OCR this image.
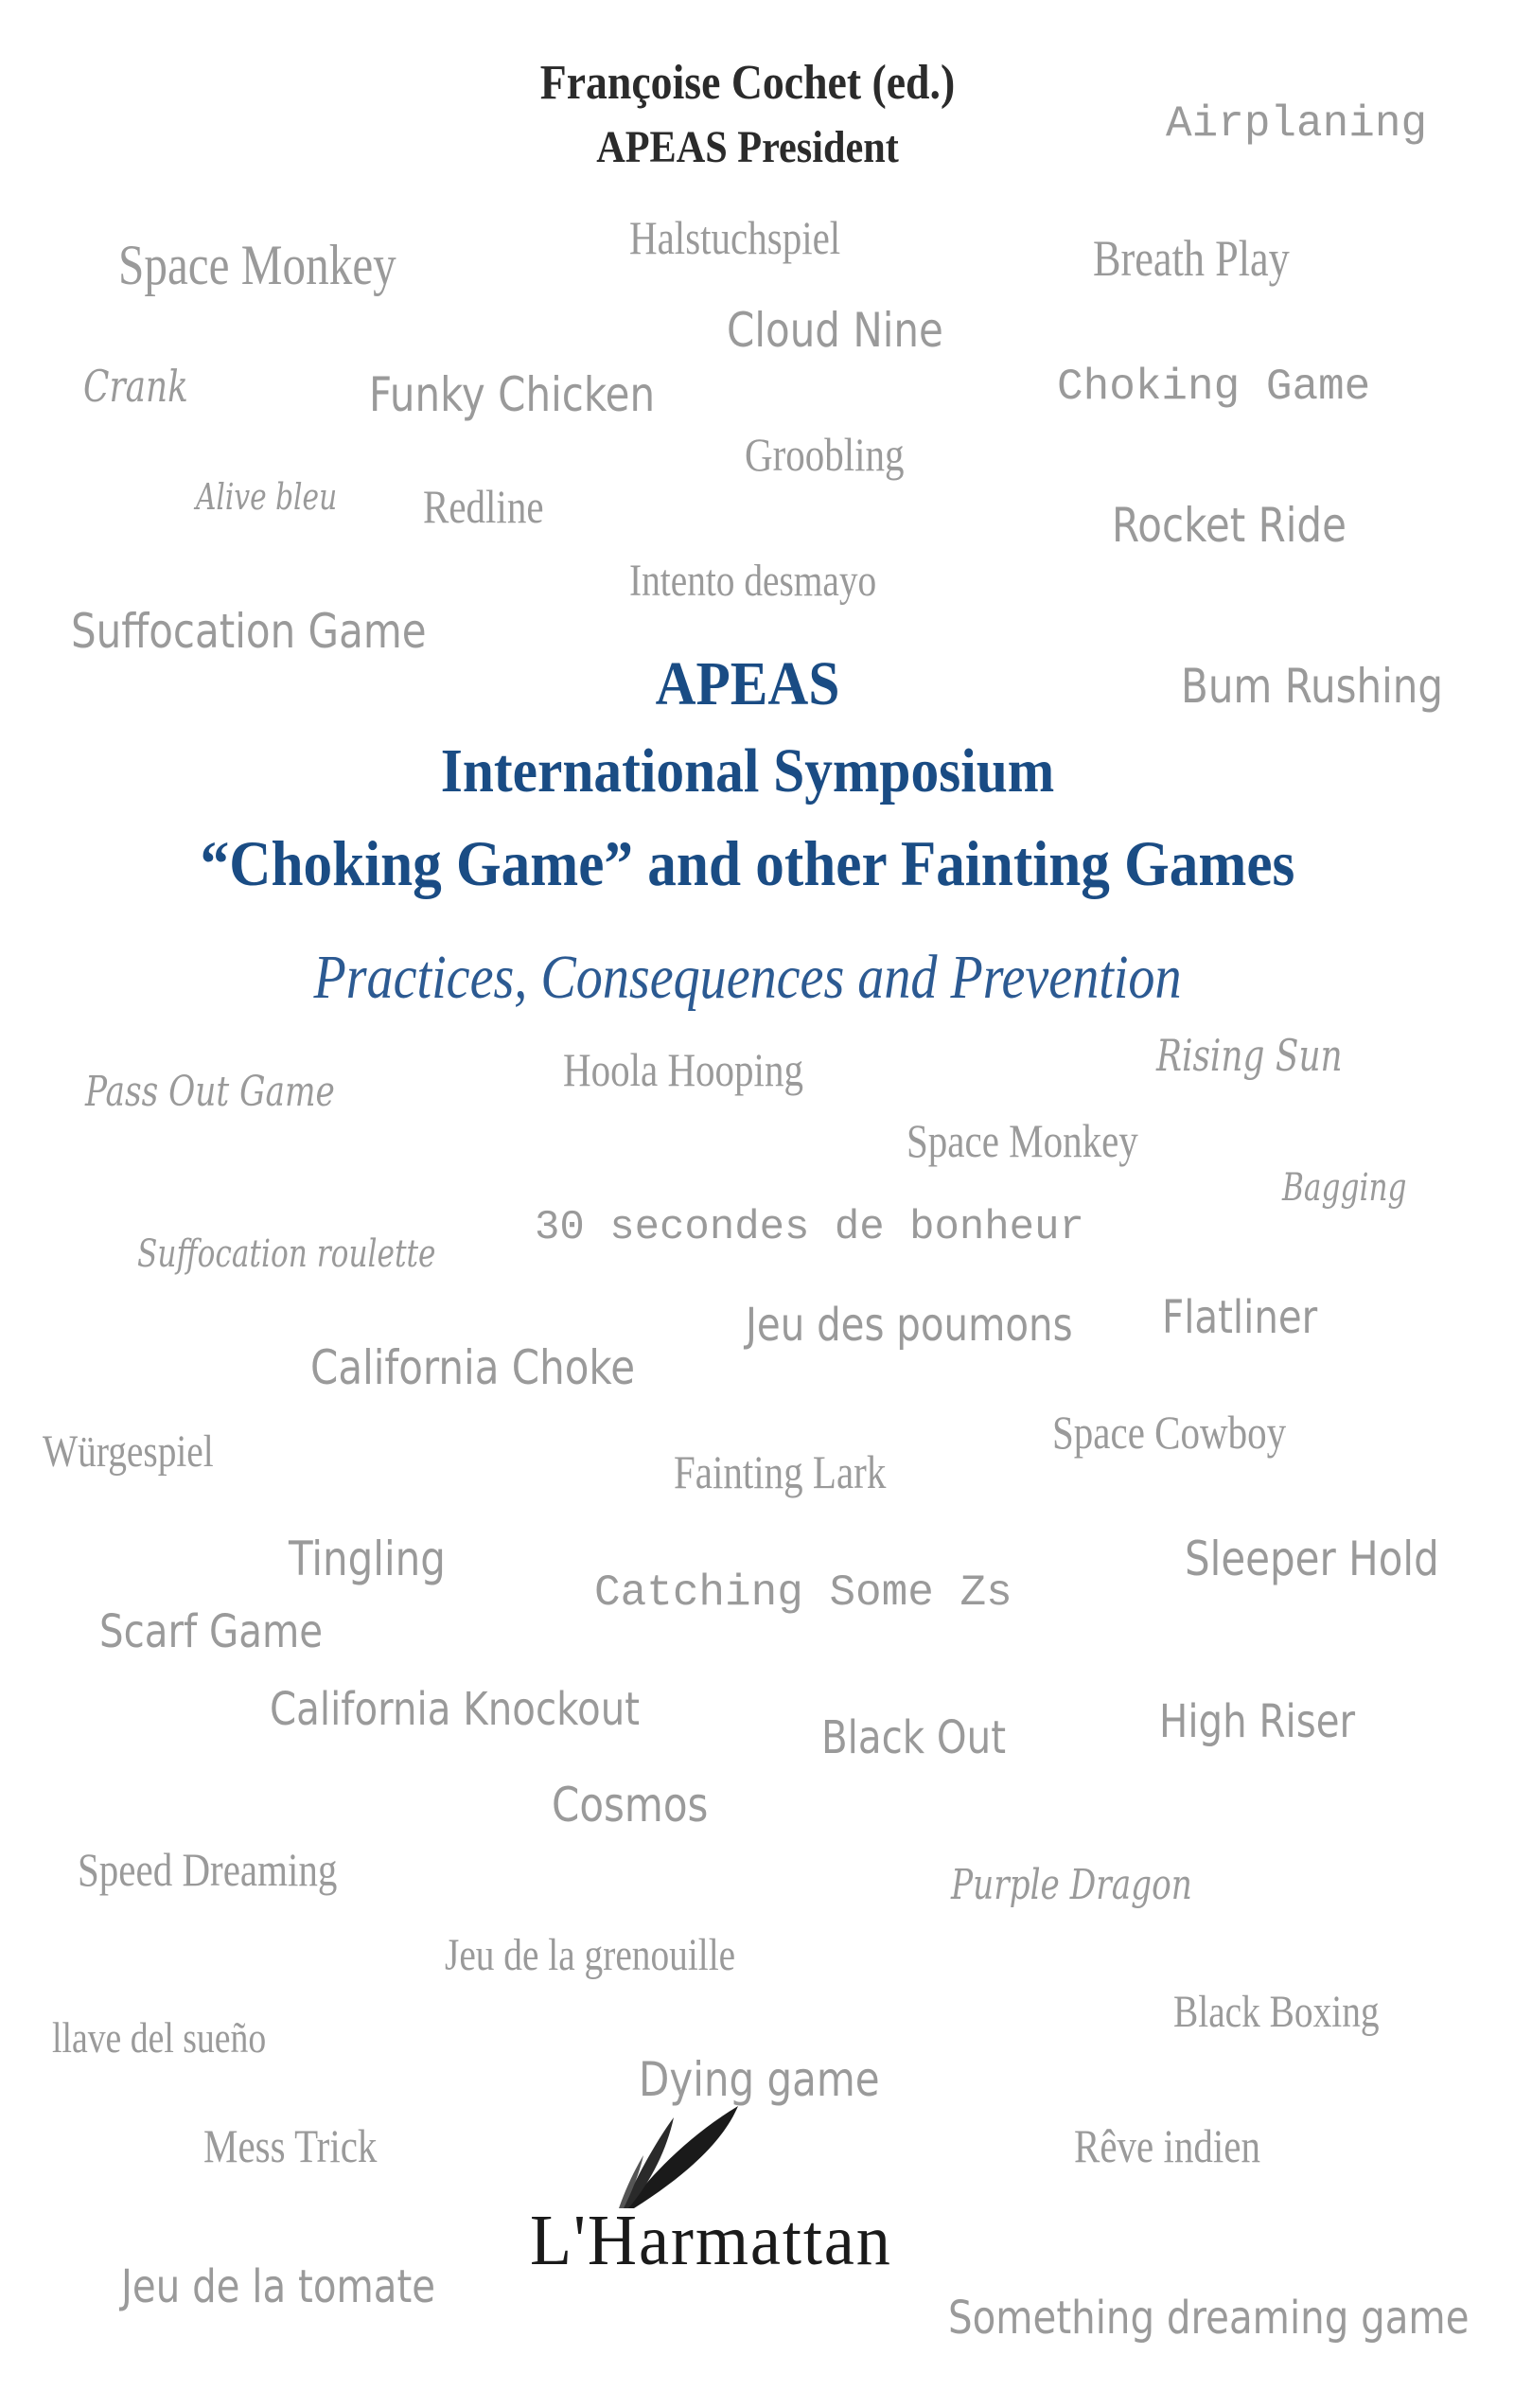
Françoise Cochet (ed.)
APEAS President	Airplaning
Space Monkey	Halstuchspiel	Breath Play
Cloud Nine
Crank	Funky Chicken	Choking Game
Groobling
Alive bleu Redline	Rocket Ride
Intento desmayo
Suffocation Game
Bum Rushing
Pass Out Game	Hoola Hooping	Rising Sun
Space Monkey
Bagging
30 secondes de bonheur
Suffocation roulette
Jeu des poumons Flatliner
California Choke
Würgespiel	Space Cowboy
Fainting Lark
Tingling
Catching Some Zs
Sleeper Hold
Scarf Game
California Knockout
Black Out	High Riser
Cosmos
Speed Dreaming	Purple Dragon
Jeu de la grenouille
Black Boxing
llave del sueño
Dying game
Mess Trick	Rêve indien
Jeu de la tomate
Something dreaming game
APEAS
International Symposium
“Choking Game” and other Fainting Games
Practices, Consequences and Prevention
L'Harmattan
